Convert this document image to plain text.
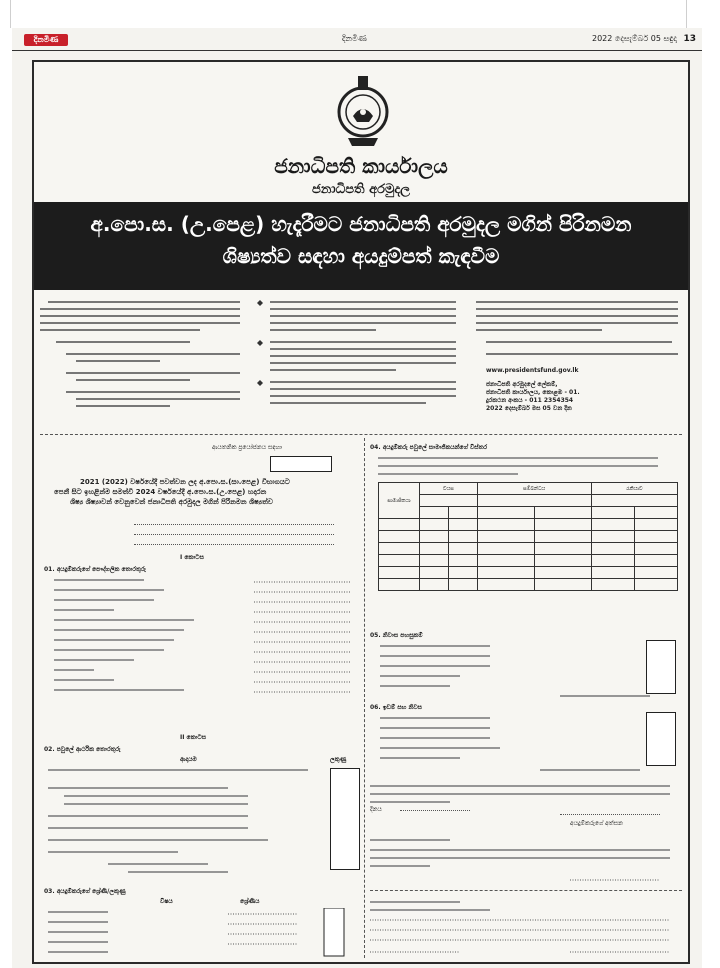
දිනමිණ	දිනමිණ	2022 දෙසැම්බර් 05 සඳුදා 13
ජනාධිපති කාර්යාලය
ජනාධිපති අරමුදල
අ.පො.ස. (උ.පෙළ) හැදෑරීමට ජනාධිපති අරමුදල මගින් පිරිනමන
ශිෂ්‍යත්ව සඳහා අයදුම්පත් කැඳවීම
www.presidentsfund.gov.lk
ජනාධිපති අරමුදලේ ලේකම්,
ජනාධිපති කාර්යාලය, කොළඹ - 01.
දුරකථන අංකය - 011 2354354
2022 දෙසැම්බර් මස 05 වන දින
ආයතනික ප්‍රයෝජනය සඳහා
2021 (2022) වර්ෂයේදී පවත්වන ලද අ.පො.ස.(සා.පෙළ) විභාගයට
පෙනී සිට ඉහළින්ම සමත්වී 2024 වර්ෂයේදී අ.පො.ස.(උ.පෙළ) හදාරන
ශිෂ්‍ය ශිෂ්‍යාවන් වෙනුවෙන් ජනාධිපති අරමුදල මගින් පිරිනමන ශිෂ්‍යත්ව
I කොටස
01. අයදුම්කරුගේ පෞද්ගලික තොරතුරු
II කොටස
02. පවුලේ ආර්ථික තොරතුරු
ආදායම	ලකුණු
03. අයදුම්කරුගේ ශ්‍රේණි/ලකුණු
විෂය	ශ්‍රේණිය
04. අයදුම්කරු පවුලේ සාමාජිකයන්ගේ විස්තර
සාමාජිකයා	වයස		සම්බන්ධය		රැකියාව	

05. නිවාස පහසුකම්
06. ඉඩම් සහ නිවස
දිනය
අයදුම්කරුගේ අත්සන
